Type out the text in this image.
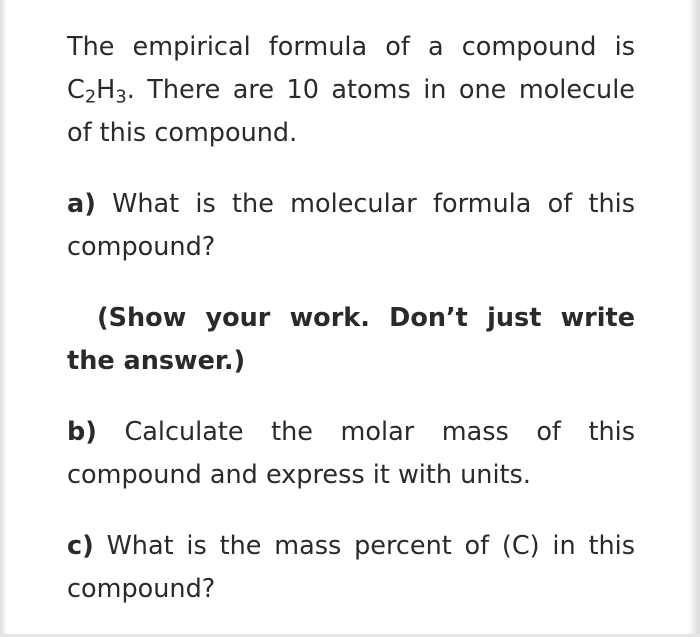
The empirical formula of a compound is $C_2H_3$. There are 10 atoms in one molecule of this compound.

a) What is the molecular formula of this compound?

(Show your work. Don’t just write the answer.)

b) Calculate the molar mass of this compound and express it with units.

c) What is the mass percent of (C) in this compound?
